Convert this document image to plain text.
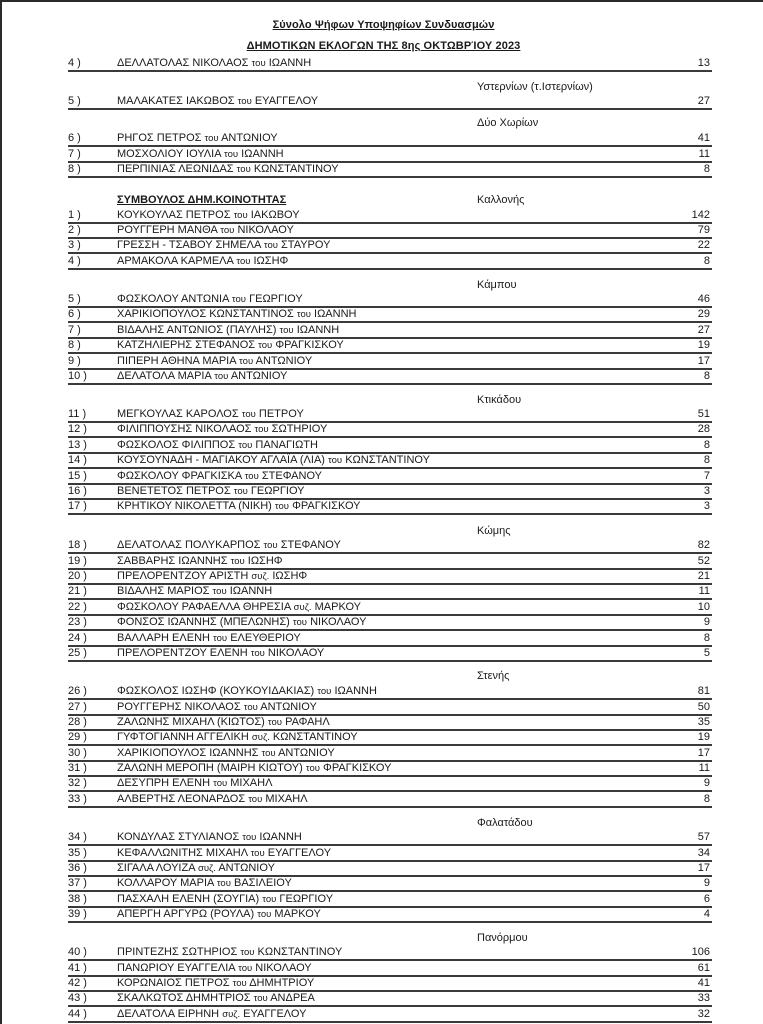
Σύνολο Ψήφων Υποψηφίων Συνδυασμών
ΔΗΜΟΤΙΚΩΝ ΕΚΛΟΓΩΝ ΤΗΣ 8ης ΟΚΤΩΒΡΊΟΥ 2023
4 )	ΔΕΛΛΑΤΟΛΑΣ ΝΙΚΟΛΑΟΣ του ΙΩΑΝΝΗ	13
Υστερνίων (τ.Ιστερνίων)
5 )	ΜΑΛΑΚΑΤΕΣ ΙΑΚΩΒΟΣ του ΕΥΑΓΓΕΛΟΥ	27
Δύο Χωρίων
6 )	ΡΗΓΟΣ ΠΕΤΡΟΣ του ΑΝΤΩΝΙΟΥ	41
7 )	ΜΟΣΧΟΛΙΟΥ ΙΟΥΛΙΑ του ΙΩΑΝΝΗ	11
8 )	ΠΕΡΠΙΝΙΑΣ ΛΕΩΝΙΔΑΣ του ΚΩΝΣΤΑΝΤΙΝΟΥ	8
Καλλονής
ΣΥΜΒΟΥΛΟΣ ΔΗΜ.ΚΟΙΝΟΤΗΤΑΣ
1 )	ΚΟΥΚΟΥΛΑΣ ΠΕΤΡΟΣ του ΙΑΚΩΒΟΥ	142
2 )	ΡΟΥΓΓΕΡΗ ΜΑΝΘΑ του ΝΙΚΟΛΑΟΥ	79
3 )	ΓΡΕΣΣΗ - ΤΣΑΒΟΥ ΣΗΜΕΛΑ του ΣΤΑΥΡΟΥ	22
4 )	ΑΡΜΑΚΟΛΑ ΚΑΡΜΕΛΑ του ΙΩΣΗΦ	8
Κάμπου
5 )	ΦΩΣΚΟΛΟΥ ΑΝΤΩΝΙΑ του ΓΕΩΡΓΙΟΥ	46
6 )	ΧΑΡΙΚΙΟΠΟΥΛΟΣ ΚΩΝΣΤΑΝΤΙΝΟΣ του ΙΩΑΝΝΗ	29
7 )	ΒΙΔΑΛΗΣ ΑΝΤΩΝΙΟΣ (ΠΑΥΛΗΣ) του ΙΩΑΝΝΗ	27
8 )	ΚΑΤΖΗΛΙΕΡΗΣ ΣΤΕΦΑΝΟΣ του ΦΡΑΓΚΙΣΚΟΥ	19
9 )	ΠΙΠΕΡΗ ΑΘΗΝΑ ΜΑΡΙΑ του ΑΝΤΩΝΙΟΥ	17
10 )	ΔΕΛΑΤΟΛΑ ΜΑΡΙΑ του ΑΝΤΩΝΙΟΥ	8
Κτικάδου
11 )	ΜΕΓΚΟΥΛΑΣ ΚΑΡΟΛΟΣ του ΠΕΤΡΟΥ	51
12 )	ΦΙΛΙΠΠΟΥΣΗΣ ΝΙΚΟΛΑΟΣ του ΣΩΤΗΡΙΟΥ	28
13 )	ΦΩΣΚΟΛΟΣ ΦΙΛΙΠΠΟΣ του ΠΑΝΑΓΙΩΤΗ	8
14 )	ΚΟΥΣΟΥΝΑΔΗ - ΜΑΓΙΑΚΟΥ ΑΓΛΑΪΑ (ΛΙΑ) του ΚΩΝΣΤΑΝΤΙΝΟΥ	8
15 )	ΦΩΣΚΟΛΟΥ ΦΡΑΓΚΙΣΚΑ του ΣΤΕΦΑΝΟΥ	7
16 )	ΒΕΝΕΤΕΤΟΣ ΠΕΤΡΟΣ του ΓΕΩΡΓΙΟΥ	3
17 )	ΚΡΗΤΙΚΟΥ ΝΙΚΟΛΕΤΤΑ (ΝΙΚΗ) του ΦΡΑΓΚΙΣΚΟΥ	3
Κώμης
18 )	ΔΕΛΑΤΟΛΑΣ ΠΟΛΥΚΑΡΠΟΣ του ΣΤΕΦΑΝΟΥ	82
19 )	ΣΑΒΒΑΡΗΣ ΙΩΑΝΝΗΣ του ΙΩΣΗΦ	52
20 )	ΠΡΕΛΟΡΕΝΤΖΟΥ ΑΡΙΣΤΗ συζ. ΙΩΣΗΦ	21
21 )	ΒΙΔΑΛΗΣ ΜΑΡΙΟΣ του ΙΩΑΝΝΗ	11
22 )	ΦΩΣΚΟΛΟΥ ΡΑΦΑΕΛΛΑ ΘΗΡΕΣΙΑ συζ. ΜΑΡΚΟΥ	10
23 )	ΦΟΝΣΟΣ ΙΩΑΝΝΗΣ (ΜΠΕΛΩΝΗΣ) του ΝΙΚΟΛΑΟΥ	9
24 )	ΒΑΛΛΑΡΗ ΕΛΕΝΗ του ΕΛΕΥΘΕΡΙΟΥ	8
25 )	ΠΡΕΛΟΡΕΝΤΖΟΥ ΕΛΕΝΗ του ΝΙΚΟΛΑΟΥ	5
Στενής
26 )	ΦΩΣΚΟΛΟΣ ΙΩΣΗΦ (ΚΟΥΚΟΥΙΔΑΚΙΑΣ) του ΙΩΑΝΝΗ	81
27 )	ΡΟΥΓΓΕΡΗΣ ΝΙΚΟΛΑΟΣ του ΑΝΤΩΝΙΟΥ	50
28 )	ΖΑΛΩΝΗΣ ΜΙΧΑΗΛ (ΚΙΩΤΟΣ) του ΡΑΦΑΗΛ	35
29 )	ΓΥΦΤΟΓΙΑΝΝΗ ΑΓΓΕΛΙΚΗ συζ. ΚΩΝΣΤΑΝΤΙΝΟΥ	19
30 )	ΧΑΡΙΚΙΟΠΟΥΛΟΣ ΙΩΑΝΝΗΣ του ΑΝΤΩΝΙΟΥ	17
31 )	ΖΑΛΩΝΗ ΜΕΡΟΠΗ (ΜΑΙΡΗ ΚΙΩΤΟΥ) του ΦΡΑΓΚΙΣΚΟΥ	11
32 )	ΔΕΣΥΠΡΗ ΕΛΕΝΗ του ΜΙΧΑΗΛ	9
33 )	ΑΛΒΕΡΤΗΣ ΛΕΟΝΑΡΔΟΣ του ΜΙΧΑΗΛ	8
Φαλατάδου
34 )	ΚΟΝΔΥΛΑΣ ΣΤΥΛΙΑΝΟΣ του ΙΩΑΝΝΗ	57
35 )	ΚΕΦΑΛΛΩΝΙΤΗΣ ΜΙΧΑΗΛ του ΕΥΑΓΓΕΛΟΥ	34
36 )	ΣΙΓΑΛΑ ΛΟΥΙΖΑ συζ. ΑΝΤΩΝΙΟΥ	17
37 )	ΚΟΛΛΑΡΟΥ ΜΑΡΙΑ του ΒΑΣΙΛΕΙΟΥ	9
38 )	ΠΑΣΧΑΛΗ ΕΛΕΝΗ (ΣΟΥΓΙΑ) του ΓΕΩΡΓΙΟΥ	6
39 )	ΑΠΕΡΓΗ ΑΡΓΥΡΩ (ΡΟΥΛΑ) του ΜΑΡΚΟΥ	4
Πανόρμου
40 )	ΠΡΙΝΤΕΖΗΣ ΣΩΤΗΡΙΟΣ του ΚΩΝΣΤΑΝΤΙΝΟΥ	106
41 )	ΠΑΝΩΡΙΟΥ ΕΥΑΓΓΕΛΙΑ του ΝΙΚΟΛΑΟΥ	61
42 )	ΚΟΡΩΝΑΙΟΣ ΠΕΤΡΟΣ του ΔΗΜΗΤΡΙΟΥ	41
43 )	ΣΚΑΛΚΩΤΟΣ ΔΗΜΗΤΡΙΟΣ του ΑΝΔΡΕΑ	33
44 )	ΔΕΛΑΤΟΛΑ ΕΙΡΗΝΗ συζ. ΕΥΑΓΓΕΛΟΥ	32
